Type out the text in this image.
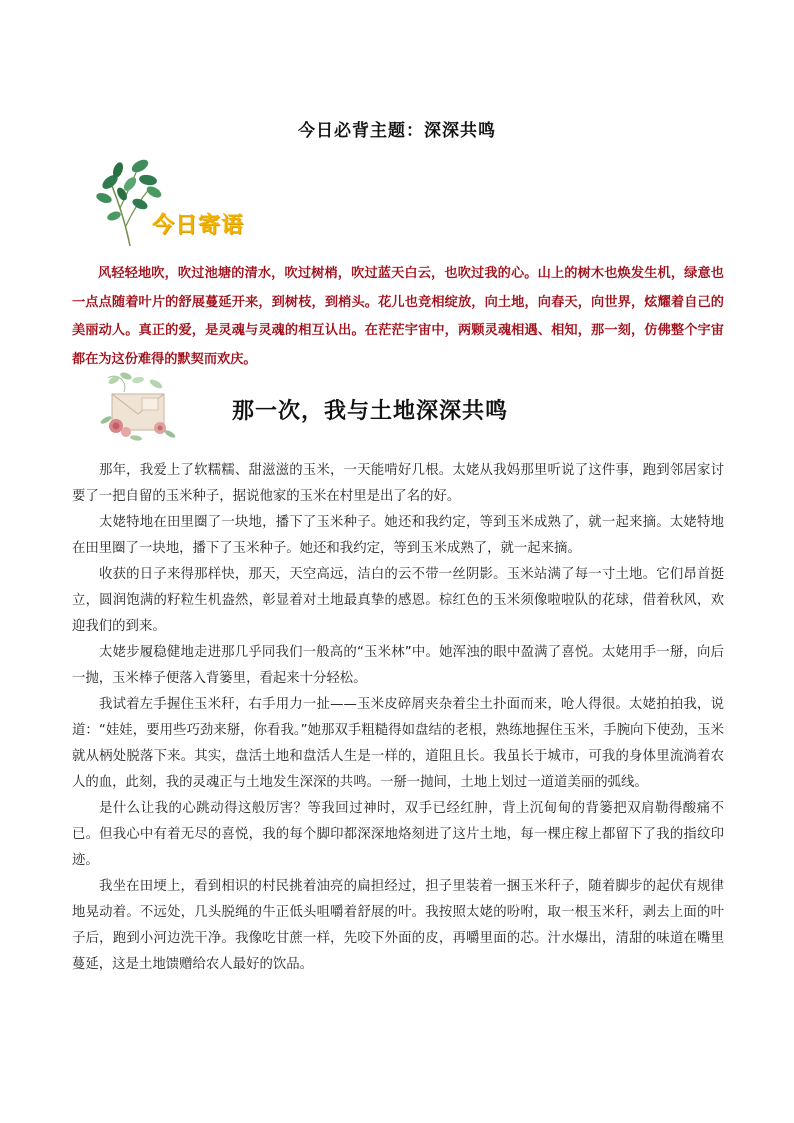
今日必背主题：深深共鸣
今日寄语

风轻轻地吹，吹过池塘的清水，吹过树梢，吹过蓝天白云，也吹过我的心。山上的树木也焕发生机，绿意也一点点随着叶片的舒展蔓延开来，到树枝，到梢头。花儿也竞相绽放，向土地，向春天，向世界，炫耀着自己的美丽动人。真正的爱，是灵魂与灵魂的相互认出。在茫茫宇宙中，两颗灵魂相遇、相知，那一刻，仿佛整个宇宙都在为这份难得的默契而欢庆。

那一次，我与土地深深共鸣

那年，我爱上了软糯糯、甜滋滋的玉米，一天能啃好几根。太姥从我妈那里听说了这件事，跑到邻居家讨要了一把自留的玉米种子，据说他家的玉米在村里是出了名的好。

太姥特地在田里圈了一块地，播下了玉米种子。她还和我约定，等到玉米成熟了，就一起来摘。太姥特地在田里圈了一块地，播下了玉米种子。她还和我约定，等到玉米成熟了，就一起来摘。

收获的日子来得那样快，那天，天空高远，洁白的云不带一丝阴影。玉米站满了每一寸土地。它们昂首挺立，圆润饱满的籽粒生机盎然，彰显着对土地最真挚的感恩。棕红色的玉米须像啦啦队的花球，借着秋风，欢迎我们的到来。

太姥步履稳健地走进那几乎同我们一般高的“玉米林”中。她浑浊的眼中盈满了喜悦。太姥用手一掰，向后一抛，玉米棒子便落入背篓里，看起来十分轻松。

我试着左手握住玉米秆，右手用力一扯——玉米皮碎屑夹杂着尘土扑面而来，呛人得很。太姥拍拍我，说道：“娃娃，要用些巧劲来掰，你看我。”她那双手粗糙得如盘结的老根，熟练地握住玉米，手腕向下使劲，玉米就从柄处脱落下来。其实，盘活土地和盘活人生是一样的，道阻且长。我虽长于城市，可我的身体里流淌着农人的血，此刻，我的灵魂正与土地发生深深的共鸣。一掰一抛间，土地上划过一道道美丽的弧线。

是什么让我的心跳动得这般厉害？等我回过神时，双手已经红肿，背上沉甸甸的背篓把双肩勒得酸痛不已。但我心中有着无尽的喜悦，我的每个脚印都深深地烙刻进了这片土地，每一棵庄稼上都留下了我的指纹印迹。

我坐在田埂上，看到相识的村民挑着油亮的扁担经过，担子里装着一捆玉米秆子，随着脚步的起伏有规律地晃动着。不远处，几头脱绳的牛正低头咀嚼着舒展的叶。我按照太姥的吩咐，取一根玉米秆，剥去上面的叶子后，跑到小河边洗干净。我像吃甘蔗一样，先咬下外面的皮，再嚼里面的芯。汁水爆出，清甜的味道在嘴里蔓延，这是土地馈赠给农人最好的饮品。
